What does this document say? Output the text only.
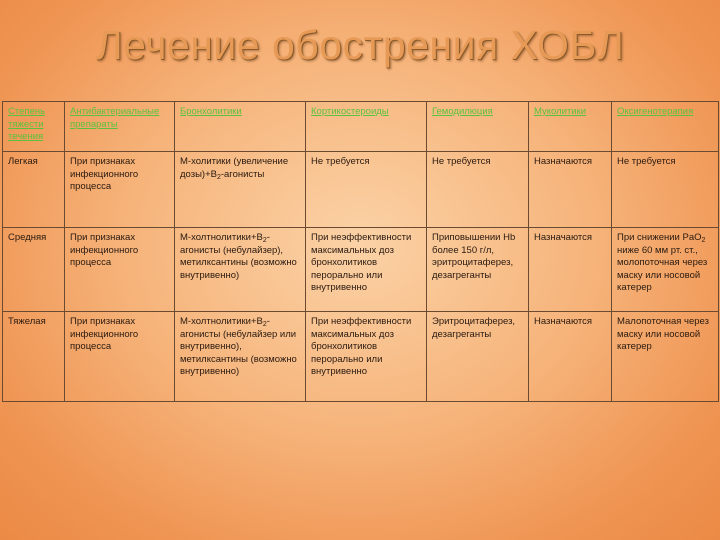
Лечение обострения ХОБЛ
Степень тяжести течения	Антибактериальные препараты	Бронхолитики	Кортикостероиды	Гемодилюция	Муколитики	Оксигенотерапия
Легкая	При признаках инфекционного процесса	М-холитики (увеличение $дозы)+В_2$-агонисты	Не требуется	Не требуется	Назначаются	Не требуется
Средняя	При признаках инфекционного процесса	$М-холтнолитики+В_2$-агонисты (небулайзер), метилксантины (возможно внутривенно)	При неэффективности максимальных доз бронхолитиков перорально или внутривенно	Приповышении Hb более 150 г/л, эритроцитаферез, дезагреганты	Назначаются	При снижении PaO$_2$ ниже 60 мм рт. ст., молопоточная через маску или носовой катерер
Тяжелая	При признаках инфекционного процесса	$М-холтнолитики+В_2$-агонисты (небулайзер или внутривенно), метилксантины (возможно внутривенно)	При неэффективности максимальных доз бронхолитиков перорально или внутривенно	Эритроцитаферез, дезагреганты	Назначаются	Малопоточная через маску или носовой катерер
